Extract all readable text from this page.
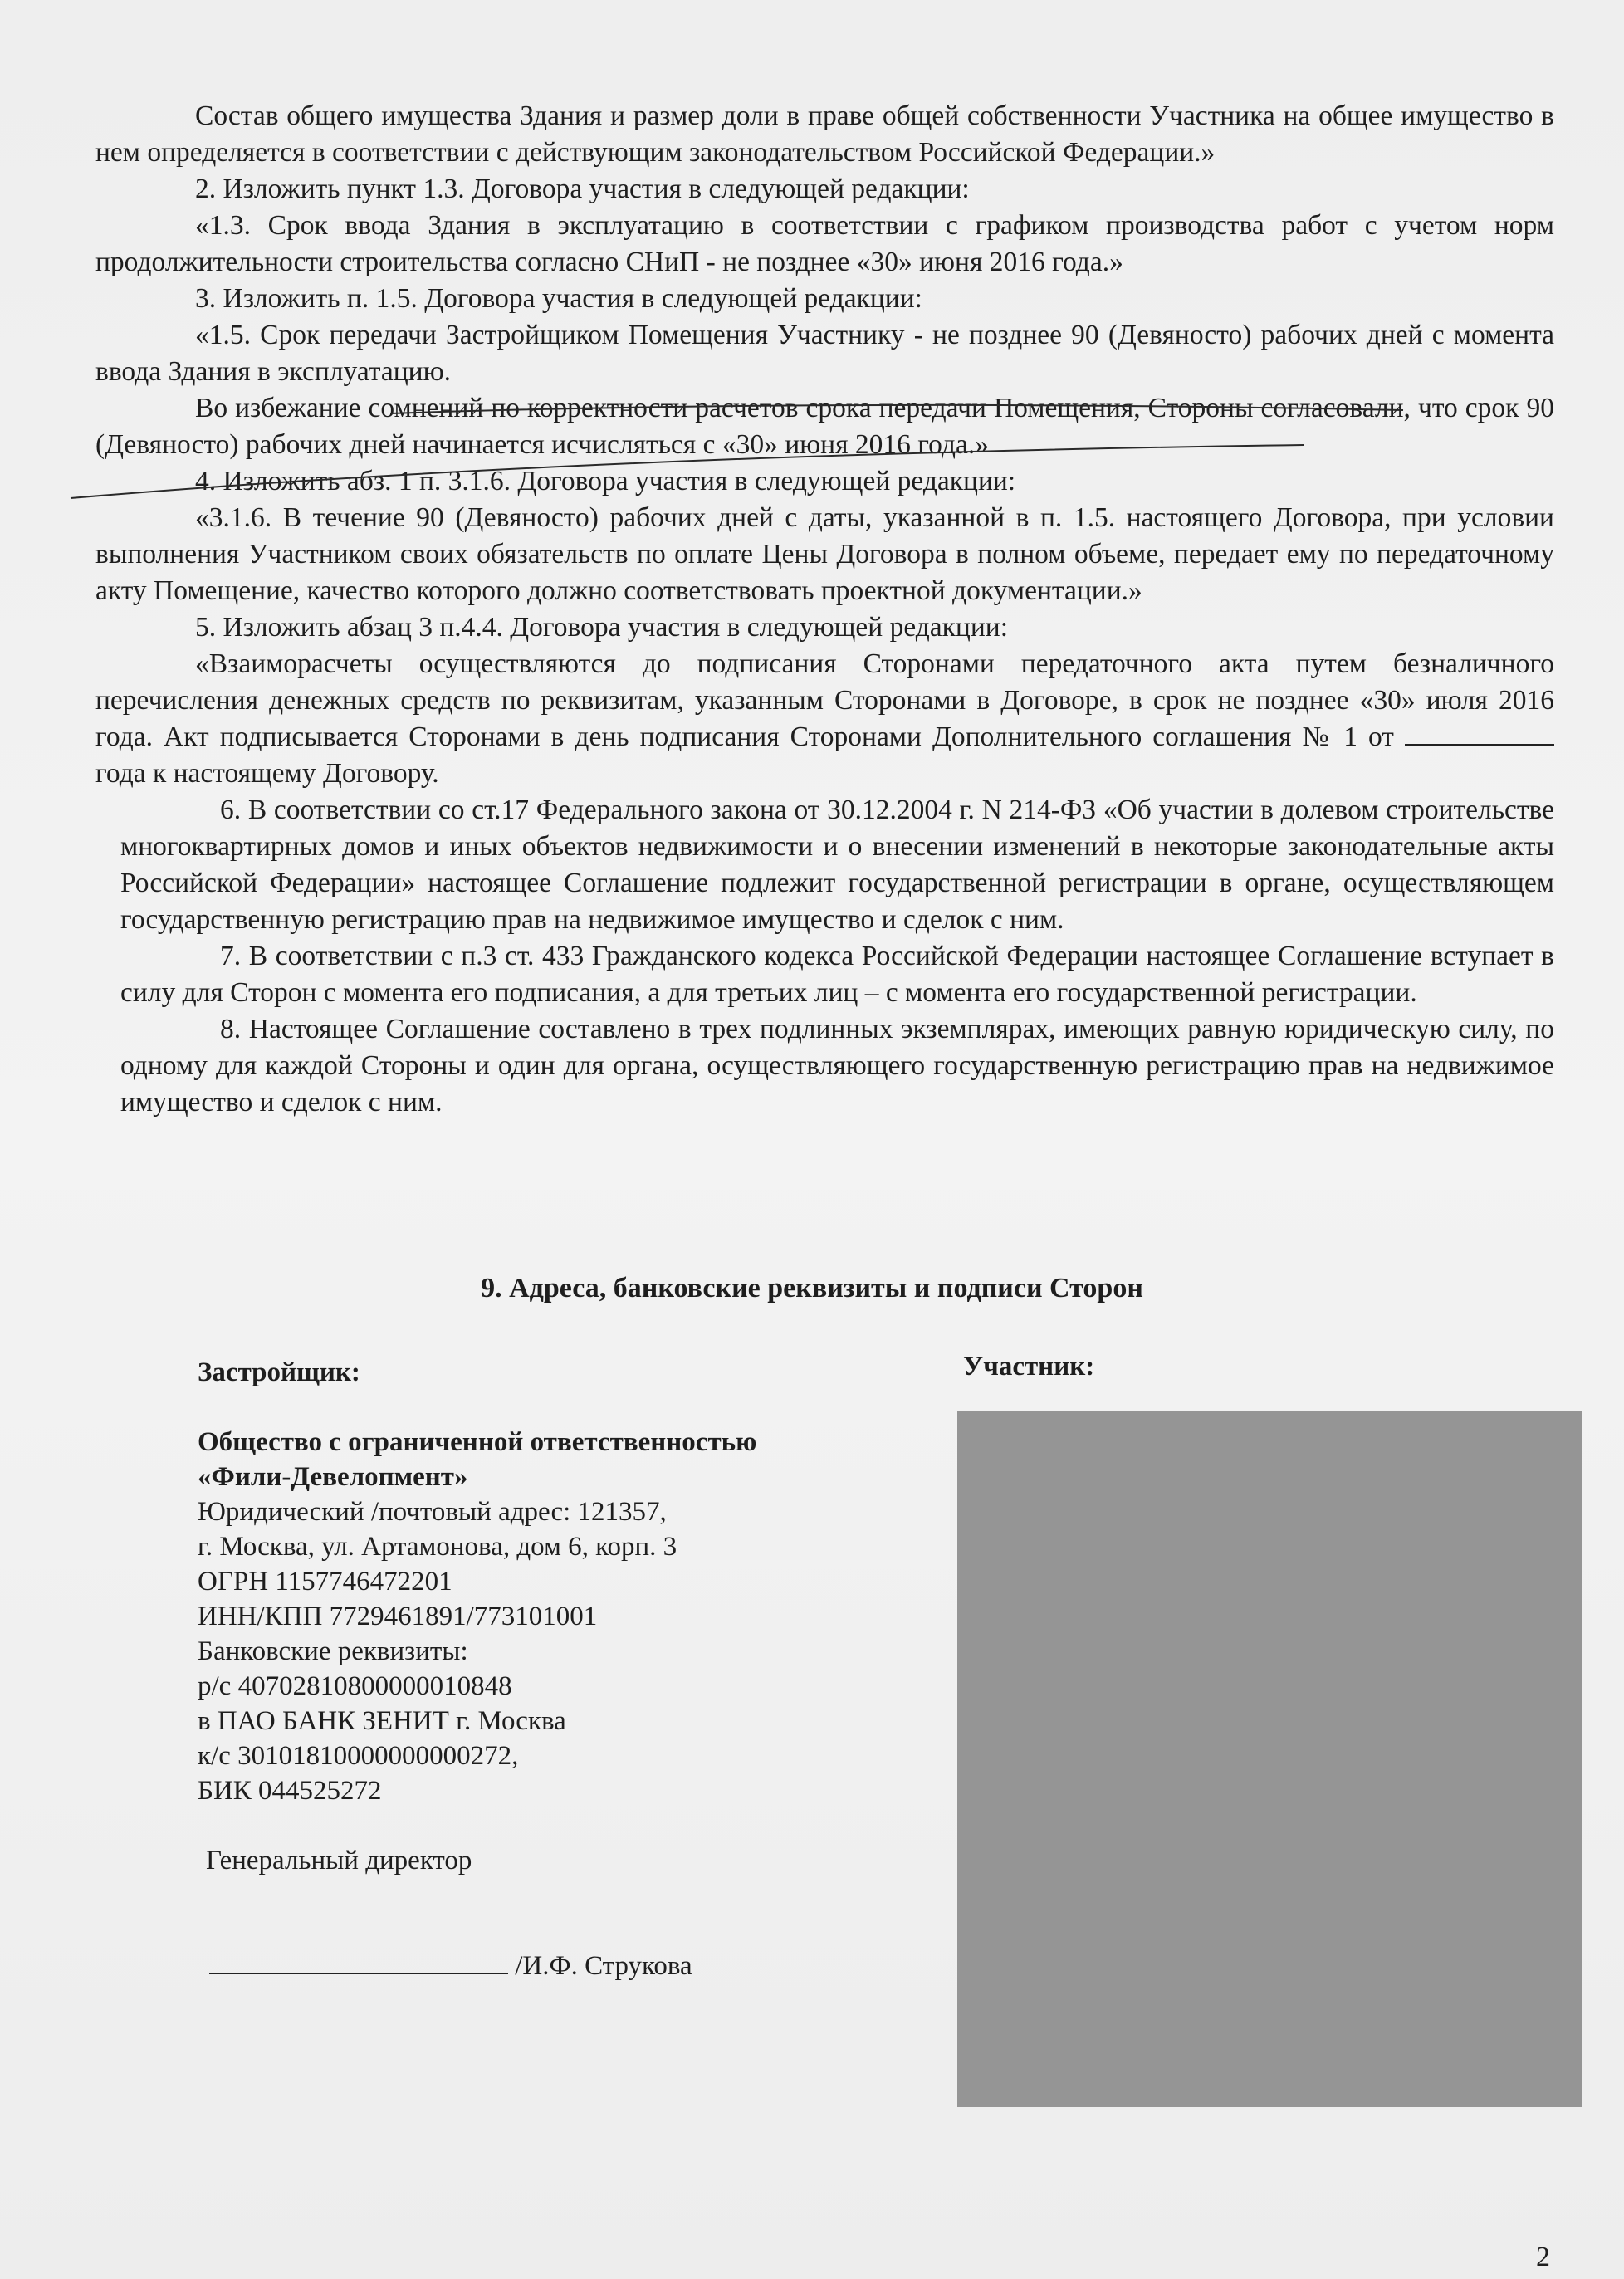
Состав общего имущества Здания и размер доли в праве общей собственности Участника на общее имущество в нем определяется в соответствии с действующим законодательством Российской Федерации.»

2. Изложить пункт 1.3. Договора участия в следующей редакции:

«1.3. Срок ввода Здания в эксплуатацию в соответствии с графиком производства работ с учетом норм продолжительности строительства согласно СНиП - не позднее «30» июня 2016 года.»

3. Изложить п. 1.5. Договора участия в следующей редакции:

«1.5. Срок передачи Застройщиком Помещения Участнику - не позднее 90 (Девяносто) рабочих дней с момента ввода Здания в эксплуатацию.

Во избежание сомнений по корректности расчетов срока передачи Помещения, Стороны согласовали, что срок 90 (Девяносто) рабочих дней начинается исчисляться с «30» июня 2016 года.»

4. Изложить абз. 1 п. 3.1.6. Договора участия в следующей редакции:

«3.1.6. В течение 90 (Девяносто) рабочих дней с даты, указанной в п. 1.5. настоящего Договора, при условии выполнения Участником своих обязательств по оплате Цены Договора в полном объеме, передает ему по передаточному акту Помещение, качество которого должно соответствовать проектной документации.»

5. Изложить абзац 3 п.4.4. Договора участия в следующей редакции:

«Взаиморасчеты осуществляются до подписания Сторонами передаточного акта путем безналичного перечисления денежных средств по реквизитам, указанным Сторонами в Договоре, в срок не позднее «30» июля 2016 года. Акт подписывается Сторонами в день подписания Сторонами Дополнительного соглашения № 1 от  года к настоящему Договору.

6. В соответствии со ст.17 Федерального закона от 30.12.2004 г. N 214-ФЗ «Об участии в долевом строительстве многоквартирных домов и иных объектов недвижимости и о внесении изменений в некоторые законодательные акты Российской Федерации» настоящее Соглашение подлежит государственной регистрации в органе, осуществляющем государственную регистрацию прав на недвижимое имущество и сделок с ним.

7. В соответствии с п.3 ст. 433 Гражданского кодекса Российской Федерации настоящее Соглашение вступает в силу для Сторон с момента его подписания, а для третьих лиц – с момента его государственной регистрации.

8. Настоящее Соглашение составлено в трех подлинных экземплярах, имеющих равную юридическую силу, по одному для каждой Стороны и один для органа, осуществляющего государственную регистрацию прав на недвижимое имущество и сделок с ним.

9. Адреса, банковские реквизиты и подписи Сторон
Застройщик:
Общество с ограниченной ответственностью
«Фили-Девелопмент»
Юридический /почтовый адрес: 121357,
г. Москва, ул. Артамонова, дом 6, корп. 3
ОГРН 1157746472201
ИНН/КПП 7729461891/773101001
Банковские реквизиты:
р/с 40702810800000010848
в ПАО БАНК ЗЕНИТ г. Москва
к/с 30101810000000000272,
БИК 044525272
Генеральный директор
/И.Ф. Струкова
Участник:
2
